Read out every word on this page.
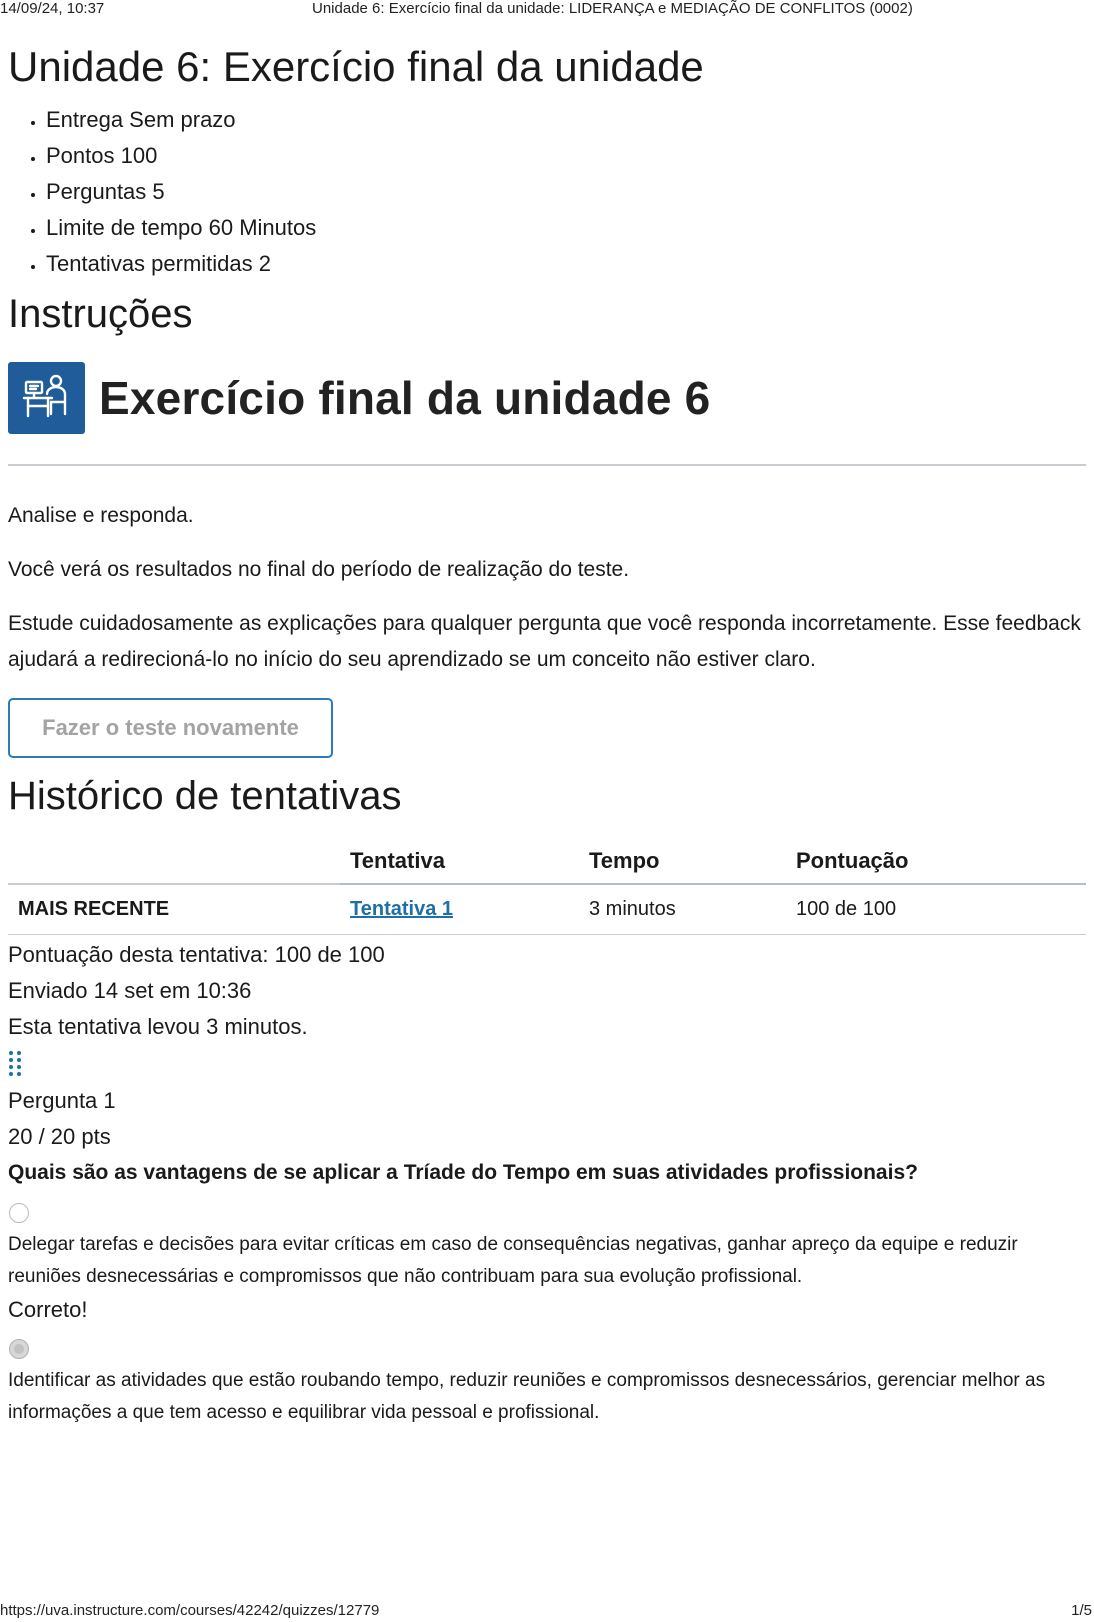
14/09/24, 10:37	Unidade 6: Exercício final da unidade: LIDERANÇA e MEDIAÇÃO DE CONFLITOS (0002)
Unidade 6: Exercício final da unidade
• Entrega Sem prazo
• Pontos 100
• Perguntas 5
• Limite de tempo 60 Minutos
• Tentativas permitidas 2
Instruções
Exercício final da unidade 6

Analise e responda.

Você verá os resultados no final do período de realização do teste.

Estude cuidadosamente as explicações para qualquer pergunta que você responda incorretamente. Esse feedback ajudará a redirecioná-lo no início do seu aprendizado se um conceito não estiver claro.

Fazer o teste novamente
Histórico de tentativas
	Tentativa	Tempo	Pontuação
MAIS RECENTE	Tentativa 1	3 minutos	100 de 100
Pontuação desta tentativa: 100 de 100
Enviado 14 set em 10:36
Esta tentativa levou 3 minutos.
Pergunta 1
20 / 20 pts
Quais são as vantagens de se aplicar a Tríade do Tempo em suas atividades profissionais?
Delegar tarefas e decisões para evitar críticas em caso de consequências negativas, ganhar apreço da equipe e reduzir reuniões desnecessárias e compromissos que não contribuam para sua evolução profissional.
Correto!
Identificar as atividades que estão roubando tempo, reduzir reuniões e compromissos desnecessários, gerenciar melhor as informações a que tem acesso e equilibrar vida pessoal e profissional.
https://uva.instructure.com/courses/42242/quizzes/12779	1/5
